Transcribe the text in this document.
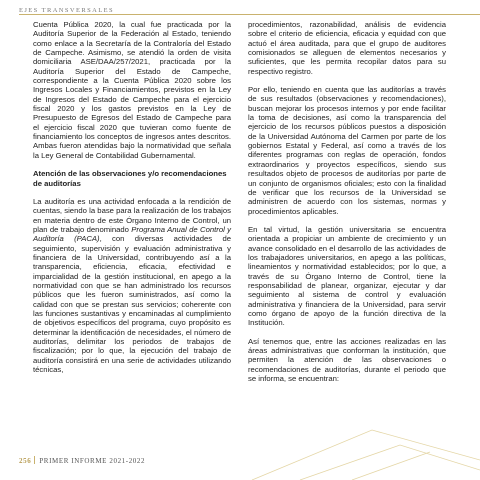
EJES TRANSVERSALES

Cuenta Pública 2020, la cual fue practicada por la Auditoría Superior de la Federación al Estado, teniendo como enlace a la Secretaría de la Contraloría del Estado de Campeche. Asimismo, se atendió la orden de visita domiciliaria ASE/DAA/257/2021, practicada por la Auditoría Superior del Estado de Campeche, correspondiente a la Cuenta Pública 2020 sobre los Ingresos Locales y Financiamientos, previstos en la Ley de Ingresos del Estado de Campeche para el ejercicio fiscal 2020 y los gastos previstos en la Ley de Presupuesto de Egresos del Estado de Campeche para el ejercicio fiscal 2020 que tuvieran como fuente de financiamiento los conceptos de ingresos antes descritos. Ambas fueron atendidas bajo la normatividad que señala la Ley General de Contabilidad Gubernamental.

Atención de las observaciones y/o recomendaciones de auditorías

La auditoría es una actividad enfocada a la rendición de cuentas, siendo la base para la realización de los trabajos en materia dentro de este Órgano Interno de Control, un plan de trabajo denominado Programa Anual de Control y Auditoría (PACA), con diversas actividades de seguimiento, supervisión y evaluación administrativa y financiera de la Universidad, contribuyendo así a la transparencia, eficiencia, eficacia, efectividad e imparcialidad de la gestión institucional, en apego a la normatividad con que se han administrado los recursos públicos que les fueron suministrados, así como la calidad con que se prestan sus servicios; coherente con las funciones sustantivas y encaminadas al cumplimiento de objetivos específicos del programa, cuyo propósito es determinar la identificación de necesidades, el número de auditorías, delimitar los periodos de trabajos de fiscalización; por lo que, la ejecución del trabajo de auditoría consistirá en una serie de actividades utilizando técnicas,

procedimientos, razonabilidad, análisis de evidencia sobre el criterio de eficiencia, eficacia y equidad con que actuó el área auditada, para que el grupo de auditores comisionados se alleguen de elementos necesarios y suficientes, que les permita recopilar datos para su respectivo registro.

Por ello, teniendo en cuenta que las auditorías a través de sus resultados (observaciones y recomendaciones), buscan mejorar los procesos internos y por ende facilitar la toma de decisiones, así como la transparencia del ejercicio de los recursos públicos puestos a disposición de la Universidad Autónoma del Carmen por parte de los gobiernos Estatal y Federal, así como a través de los diferentes programas con reglas de operación, fondos extraordinarios y proyectos específicos, siendo sus resultados objeto de procesos de auditorías por parte de un conjunto de organismos oficiales; esto con la finalidad de verificar que los recursos de la Universidad se administren de acuerdo con los sistemas, normas y procedimientos aplicables.

En tal virtud, la gestión universitaria se encuentra orientada a propiciar un ambiente de crecimiento y un avance consolidado en el desarrollo de las actividades de los trabajadores universitarios, en apego a las políticas, lineamientos y normatividad establecidos; por lo que, a través de su Órgano Interno de Control, tiene la responsabilidad de planear, organizar, ejecutar y dar seguimiento al sistema de control y evaluación administrativa y financiera de la Universidad, para servir como órgano de apoyo de la función directiva de la Institución.

Así tenemos que, entre las acciones realizadas en las áreas administrativas que conforman la institución, que permiten la atención de las observaciones o recomendaciones de auditorías, durante el periodo que se informa, se encuentran:

256 PRIMER INFORME 2021-2022
